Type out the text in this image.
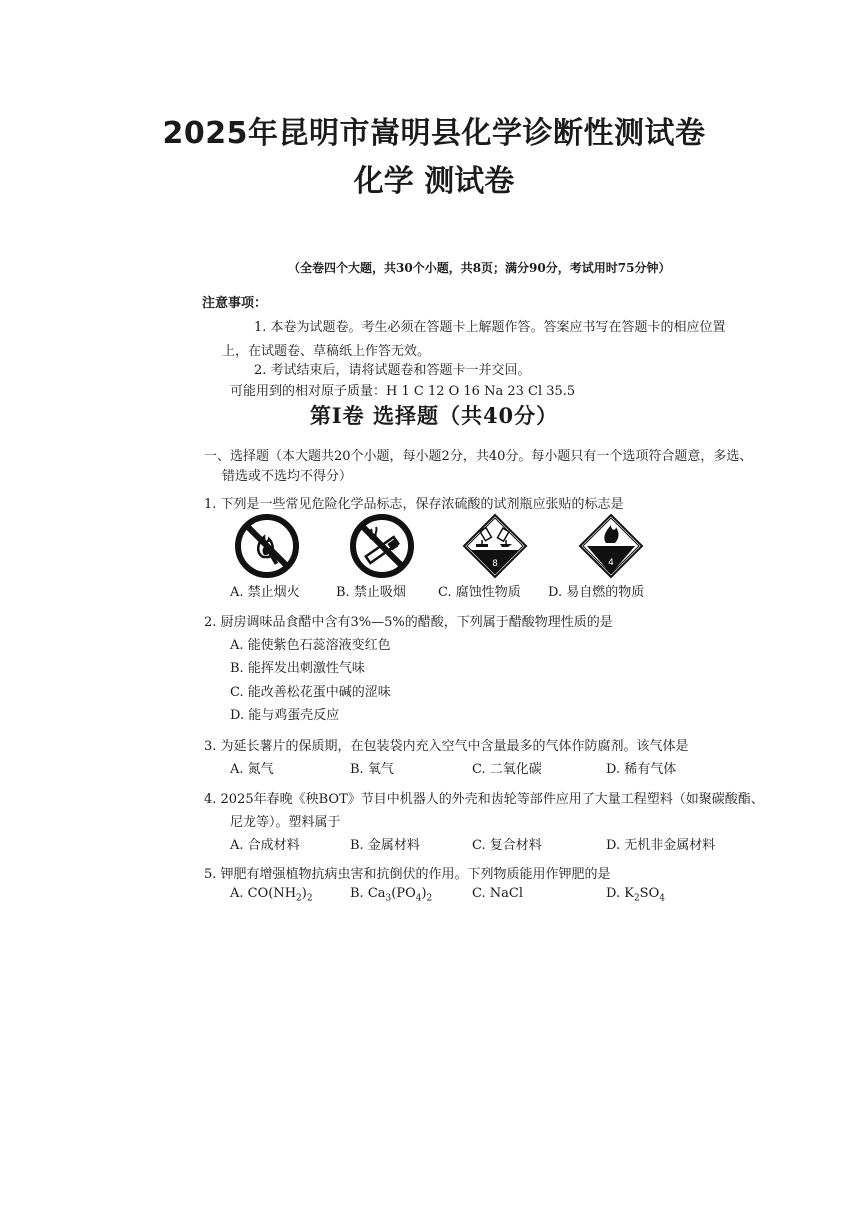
2025年昆明市嵩明县化学诊断性测试卷
化学 测试卷
（全卷四个大题，共30个小题，共8页；满分90分，考试用时75分钟）
注意事项：
1. 本卷为试题卷。考生必须在答题卡上解题作答。答案应书写在答题卡的相应位置
上，在试题卷、草稿纸上作答无效。
2. 考试结束后，请将试题卷和答题卡一并交回。
可能用到的相对原子质量：H 1 C 12 O 16 Na 23 Cl 35.5
第Ⅰ卷 选择题（共40分）
一、选择题（本大题共20个小题，每小题2分，共40分。每小题只有一个选项符合题意，多选、
错选或不选均不得分）
1. 下列是一些常见危险化学品标志，保存浓硫酸的试剂瓶应张贴的标志是
8	4
A. 禁止烟火	B. 禁止吸烟 C. 腐蚀性物质 D. 易自燃的物质
2. 厨房调味品食醋中含有3%—5%的醋酸，下列属于醋酸物理性质的是
A. 能使紫色石蕊溶液变红色
B. 能挥发出刺激性气味
C. 能改善松花蛋中碱的涩味
D. 能与鸡蛋壳反应
3. 为延长薯片的保质期，在包装袋内充入空气中含量最多的气体作防腐剂。该气体是
A. 氮气	B. 氧气	C. 二氧化碳	D. 稀有气体
4. 2025年春晚《秧BOT》节目中机器人的外壳和齿轮等部件应用了大量工程塑料（如聚碳酸酯、
尼龙等）。塑料属于
A. 合成材料	B. 金属材料	C. 复合材料	D. 无机非金属材料
5. 钾肥有增强植物抗病虫害和抗倒伏的作用。下列物质能用作钾肥的是
A. $CO(NH_2)_2$	B. $Ca_3(PO_4)_2$	C. NaCl	D. $K_2SO_4$
